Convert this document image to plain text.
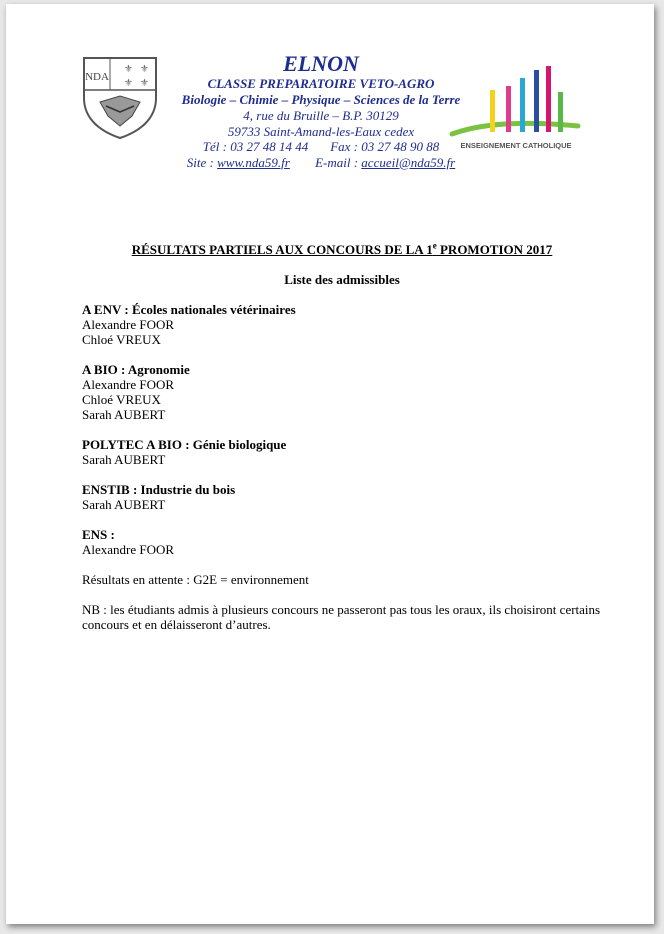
NDA
⚜ ⚜
⚜ ⚜
ELNON
CLASSE PREPARATOIRE VETO-AGRO
Biologie – Chimie – Physique – Sciences de la Terre
4, rue du Bruille – B.P. 30129
59733 Saint-Amand-les-Eaux cedex
Tél : 03 27 48 14 44 Fax : 03 27 48 90 88
Site : www.nda59.fr E-mail : accueil@nda59.fr
ENSEIGNEMENT CATHOLIQUE
RÉSULTATS PARTIELS AUX CONCOURS DE LA 1e PROMOTION 2017
Liste des admissibles
A ENV : Écoles nationales vétérinaires
Alexandre FOOR
Chloé VREUX
A BIO : Agronomie
Alexandre FOOR
Chloé VREUX
Sarah AUBERT
POLYTEC A BIO : Génie biologique
Sarah AUBERT
ENSTIB : Industrie du bois
Sarah AUBERT
ENS :
Alexandre FOOR
Résultats en attente : G2E = environnement
NB : les étudiants admis à plusieurs concours ne passeront pas tous les oraux, ils choisiront certains concours et en délaisseront d’autres.
